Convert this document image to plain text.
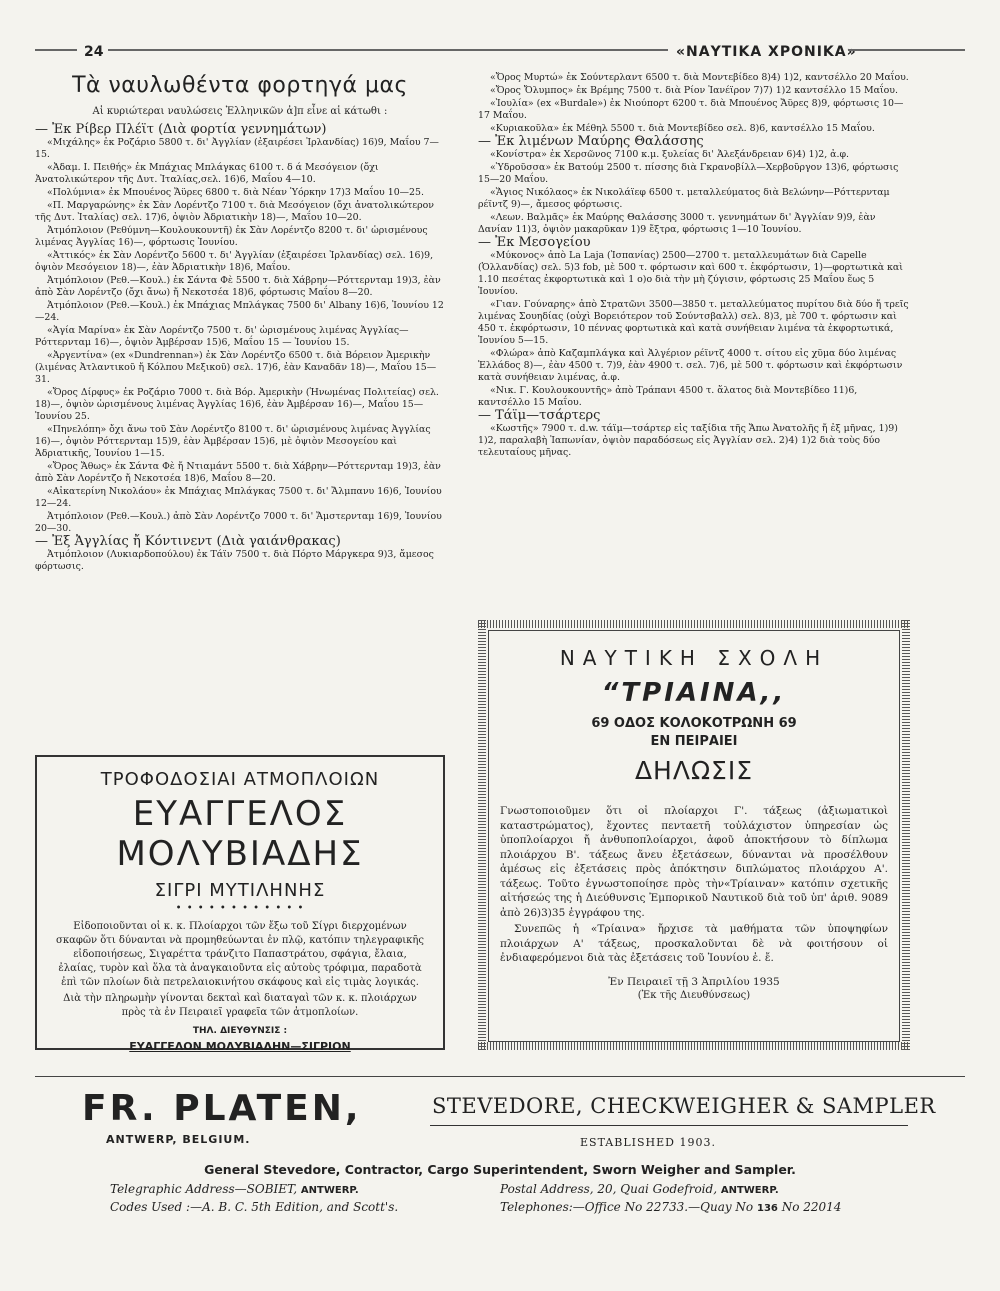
24	«ΝΑΥΤΙΚΑ ΧΡΟΝΙΚΑ»
Τὰ ναυλωθέντα φορτηγά μας
Αἱ κυριώτεραι ναυλώσεις Ἑλληνικῶν ἀ]π εἶνε αἱ κάτωθι :

— Ἐκ Ρίβερ Πλέϊτ (Διὰ φορτία γεννημάτων)

«Μιχάλης» ἐκ Ροζάριο 5800 τ. δι' Ἀγγλίαν (ἐξαιρέσει Ἰρλανδίας) 16)9, Μαΐου 7—15.

«Ἀδαμ. Ι. Πειθής» ἐκ Μπάχιας Μπλάγκας 6100 τ. δ ά Μεσόγειον (ὄχι Ἀνατολικώτερον τῆς Δυτ. Ἰταλίας,σελ. 16)6, Μαΐου 4—10.

«Πολύμνια» ἐκ Μπουένος Ἄϋρες 6800 τ. διὰ Νέαν Ὑόρκην 17)3 Μαΐου 10—25.

«Π. Μαργαρώνης» ἐκ Σὰν Λορέντζο 7100 τ. διὰ Μεσόγειον (ὄχι ἀνατολικώτερον τῆς Δυτ. Ἰταλίας) σελ. 17)6, ὀψιὸν Ἀδριατικὴν 18)—, Μαΐου 10—20.

Ἀτμόπλοιον (Ρεθύμνη—Κουλουκουντῆ) ἐκ Σὰν Λορέντζο 8200 τ. δι' ὡρισμένους λιμένας Ἀγγλίας 16)—, φόρτωσις Ἰουνίου.

«Ἀττικός» ἐκ Σὰν Λορέντζο 5600 τ. δι' Ἀγγλίαν (ἐξαιρέσει Ἰρλανδίας) σελ. 16)9, ὀψιὸν Μεσόγειον 18)—, ἐὰν Ἀδριατικὴν 18)6, Μαΐου.

Ἀτμόπλοιον (Ρεθ.—Κουλ.) ἐκ Σάντα Φὲ 5500 τ. διὰ Χάβρην—Ρόττερνταμ 19)3, ἐὰν ἀπὸ Σὰν Λορέντζο (ὄχι ἄνω) ἤ Νεκοτσέα 18)6, φόρτωσις Μαΐου 8—20.

Ἀτμόπλοιον (Ρεθ.—Κουλ.) ἐκ Μπάχιας Μπλάγκας 7500 δι' Albany 16)6, Ἰουνίου 12—24.

«Ἁγία Μαρίνα» ἐκ Σὰν Λορέντζο 7500 τ. δι' ὡρισμένους λιμένας Ἀγγλίας—Ρόττερνταμ 16)—, ὀψιὸν Ἀμβέρσαν 15)6, Μαΐου 15 — Ἰουνίου 15.

«Ἀργεντίνα» (ex «Dundrennan») ἐκ Σὰν Λορέντζο 6500 τ. διὰ Βόρειον Ἀμερικὴν (λιμένας Ἀτλαντικοῦ ἤ Κόλπου Μεξικοῦ) σελ. 17)6, ἐὰν Καναδᾶν 18)—, Μαΐου 15—31.

«Ὄρος Δίρφυς» ἐκ Ροζάριο 7000 τ. διὰ Βόρ. Ἀμερικὴν (Ἡνωμένας Πολιτείας) σελ. 18)—, ὀψιὸν ὡρισμένους λιμένας Ἀγγλίας 16)6, ἐὰν Ἀμβέρσαν 16)—, Μαΐου 15—Ἰουνίου 25.

«Πηνελόπη» ὄχι ἄνω τοῦ Σὰν Λορέντζο 8100 τ. δι' ὡρισμένους λιμένας Ἀγγλίας 16)—, ὀψιὸν Ρόττερνταμ 15)9, ἐὰν Ἀμβέρσαν 15)6, μὲ ὀψιὸν Μεσογείου καὶ Ἀδριατικῆς, Ἰουνίου 1—15.

«Ὄρος Ἄθως» ἐκ Σάντα Φὲ ἤ Ντιαμάντ 5500 τ. διὰ Χάβρην—Ρόττερνταμ 19)3, ἐὰν ἀπὸ Σὰν Λορέντζο ἤ Νεκοτσέα 18)6, Μαΐου 8—20.

«Αἰκατερίνη Νικολάου» ἐκ Μπάχιας Μπλάγκας 7500 τ. δι' Ἄλμπανυ 16)6, Ἰουνίου 12—24.

Ἀτμόπλοιον (Ρεθ.—Κουλ.) ἀπὸ Σὰν Λορέντζο 7000 τ. δι' Ἄμστερνταμ 16)9, Ἰουνίου 20—30.

— Ἐξ Ἀγγλίας ἤ Κόντινεντ (Διὰ γαιάνθρακας)

Ἀτμόπλοιον (Λυκιαρδοπούλου) ἐκ Τάϊν 7500 τ. διὰ Πόρτο Μάργκερα 9)3, ἄμεσος φόρτωσις.

«Ὄρος Μυρτώ» ἐκ Σούντερλαντ 6500 τ. διὰ Μοντεβίδεο 8)4) 1)2, καντσέλλο 20 Μαΐου.

«Ὄρος Ὄλυμπος» ἐκ Βρέμης 7500 τ. διὰ Ρίον Ἰανέϊρον 7)7) 1)2 καντσέλλο 15 Μαΐου.

«Ἰουλία» (ex «Burdale») ἐκ Νιούπορτ 6200 τ. διὰ Μπουένος Ἄϋρες 8)9, φόρτωσις 10—17 Μαΐου.

«Κυριακοῦλα» ἐκ Μέθηλ 5500 τ. διὰ Μοντεβίδεο σελ. 8)6, καντσέλλο 15 Μαΐου.

— Ἐκ λιμένων Μαύρης Θαλάσσης

«Κονίστρα» ἐκ Χερσῶνος 7100 κ.μ. ξυλείας δι' Ἀλεξάνδρειαν 6)4) 1)2, ἀ.φ.

«Ὑδροῦσσα» ἐκ Βατούμ 2500 τ. πίσσης διὰ Γκρανοβίλλ—Χερβοῦργον 13)6, φόρτωσις 15—20 Μαΐου.

«Ἅγιος Νικόλαος» ἐκ Νικολάϊεφ 6500 τ. μεταλλεύματος διὰ Βελώνην—Ρόττερνταμ ρέϊντζ 9)—, ἄμεσος φόρτωσις.

«Λεων. Βαλμᾶς» ἐκ Μαύρης Θαλάσσης 3000 τ. γεννημάτων δι' Ἀγγλίαν 9)9, ἐὰν Δανίαν 11)3, ὀψιὸν μακαρῦκαν 1)9 ἔξτρα, φόρτωσις 1—10 Ἰουνίου.

— Ἐκ Μεσογείου

«Μύκονος» ἀπὸ La Laja (Ἰσπανίας) 2500—2700 τ. μεταλλευμάτων διὰ Capelle (Ὁλλανδίας) σελ. 5)3 fob, μὲ 500 τ. φόρτωσιν καὶ 600 τ. ἐκφόρτωσιν, 1)—φορτωτικὰ καὶ 1.10 πεσέτας ἐκφορτωτικὰ καὶ 1 ο)ο διὰ τὴν μὴ ζύγισιν, φόρτωσις 25 Μαΐου ἕως 5 Ἰουνίου.

«Γιαν. Γούναρης» ἀπὸ Στρατῶνι 3500—3850 τ. μεταλλεύματος πυρίτου διὰ δύο ἤ τρεῖς λιμένας Σουηδίας (οὐχὶ Βορειότερον τοῦ Σούντσβαλλ) σελ. 8)3, μὲ 700 τ. φόρτωσιν καὶ 450 τ. ἐκφόρτωσιν, 10 πέννας φορτωτικὰ καὶ κατὰ συνήθειαν λιμένα τὰ ἐκφορτωτικά, Ἰουνίου 5—15.

«Φλώρα» ἀπὸ Καζαμπλάγκα καὶ Ἀλγέριον ρέϊντζ 4000 τ. σίτου εἰς χῦμα δύο λιμένας Ἑλλάδος 8)—, ἐὰν 4500 τ. 7)9, ἐὰν 4900 τ. σελ. 7)6, μὲ 500 τ. φόρτωσιν καὶ ἐκφόρτωσιν κατὰ συνήθειαν λιμένας, ἀ.φ.

«Νικ. Γ. Κουλουκουντῆς» ἀπὸ Τράπανι 4500 τ. ἅλατος διὰ Μοντεβίδεο 11)6, καντσέλλο 15 Μαΐου.

— Τάϊμ—τσάρτερς

«Κωστῆς» 7900 τ. d.w. τάϊμ—τσάρτερ εἰς ταξίδια τῆς Ἄπω Ἀνατολῆς ἤ ἐξ μῆνας, 1)9) 1)2, παραλαβὴ Ἰαπωνίαν, ὀψιὸν παραδόσεως εἰς Ἀγγλίαν σελ. 2)4) 1)2 διὰ τοὺς δύο τελευταίους μῆνας.

ΤΡΟΦΟΔΟΣΙΑΙ ΑΤΜΟΠΛΟΙΩΝ
ΕΥΑΓΓΕΛΟΣ ΜΟΛΥΒΙΑΔΗΣ
ΣΙΓΡΙ ΜΥΤΙΛΗΝΗΣ
• • • • • • • • • • • •
Εἰδοποιοῦνται οἱ κ. κ. Πλοίαρχοι τῶν ἔξω τοῦ Σίγρι διερχομένων σκαφῶν ὅτι δύνανται νὰ προμηθεύωνται ἐν πλῷ, κατόπιν τηλεγραφικῆς εἰδοποιήσεως, Σιγαρέττα τράνζιτο Παπαστράτου, σφάγια, ἔλαια, ἐλαίας, τυρὸν καὶ ὅλα τὰ ἀναγκαιοῦντα εἰς αὐτοὺς τρόφιμα, παραδοτὰ ἐπὶ τῶν πλοίων διὰ πετρελαιοκινήτου σκάφους καὶ εἰς τιμὰς λογικάς.
Διὰ τὴν πληρωμὴν γίνονται δεκταὶ καὶ διαταγαὶ τῶν κ. κ. πλοιάρχων πρὸς τὰ ἐν Πειραιεῖ γραφεῖα τῶν ἀτμοπλοίων.
ΤΗΛ. ΔΙΕΥΘΥΝΣΙΣ :
ΕΥΑΓΓΕΛΟΝ ΜΟΛΥΒΙΑΔΗΝ—ΣΙΓΡΙΟΝ
ΝΑΥΤΙΚΗ ΣΧΟΛΗ
“ΤΡΙΑΙΝΑ,,
69 ΟΔΟΣ ΚΟΛΟΚΟΤΡΩΝΗ 69
ΕΝ ΠΕΙΡΑΙΕΙ
ΔΗΛΩΣΙΣ
Γνωστοποιοῦμεν ὅτι οἱ πλοίαρχοι Γ'. τάξεως (ἀξιωματικοὶ καταστρώματος), ἔχοντες πενταετῆ τοὐλάχιστον ὑπηρεσίαν ὡς ὑποπλοίαρχοι ἤ ἀνθυποπλοίαρχοι, ἀφοῦ ἀποκτήσουν τὸ δίπλωμα πλοιάρχου Β'. τάξεως ἄνευ ἐξετάσεων, δύνανται νὰ προσέλθουν ἀμέσως εἰς ἐξετάσεις πρὸς ἀπόκτησιν διπλώματος πλοιάρχου Α'. τάξεως. Τοῦτο ἐγνωστοποίησε πρὸς τὴν«Τρίαιναν» κατόπιν σχετικῆς αἰτήσεώς της ἡ Διεύθυνσις Ἐμπορικοῦ Ναυτικοῦ διὰ τοῦ ὑπ' ἀριθ. 9089 ἀπὸ 26)3)35 ἐγγράφου της.
Συνεπῶς ἡ «Τρίαινα» ἤρχισε τὰ μαθήματα τῶν ὑποψηφίων πλοιάρχων Α' τάξεως, προσκαλοῦνται δὲ νὰ φοιτήσουν οἱ ἐνδιαφερόμενοι διὰ τὰς ἐξετάσεις τοῦ Ἰουνίου ἐ. ἔ.
Ἐν Πειραιεῖ τῇ 3 Ἀπριλίου 1935
(Ἐκ τῆς Διευθύνσεως)
FR. PLATEN,
ANTWERP, BELGIUM.
STEVEDORE, CHECKWEIGHER & SAMPLER
ESTABLISHED 1903.
General Stevedore, Contractor, Cargo Superintendent, Sworn Weigher and Sampler.
Telegraphic Address—SOBIET, ANTWERP.
Codes Used :—A. B. C. 5th Edition, and Scott's.
Postal Address, 20, Quai Godefroid, ANTWERP.
Telephones:—Office No 22733.—Quay No 136 No 22014
